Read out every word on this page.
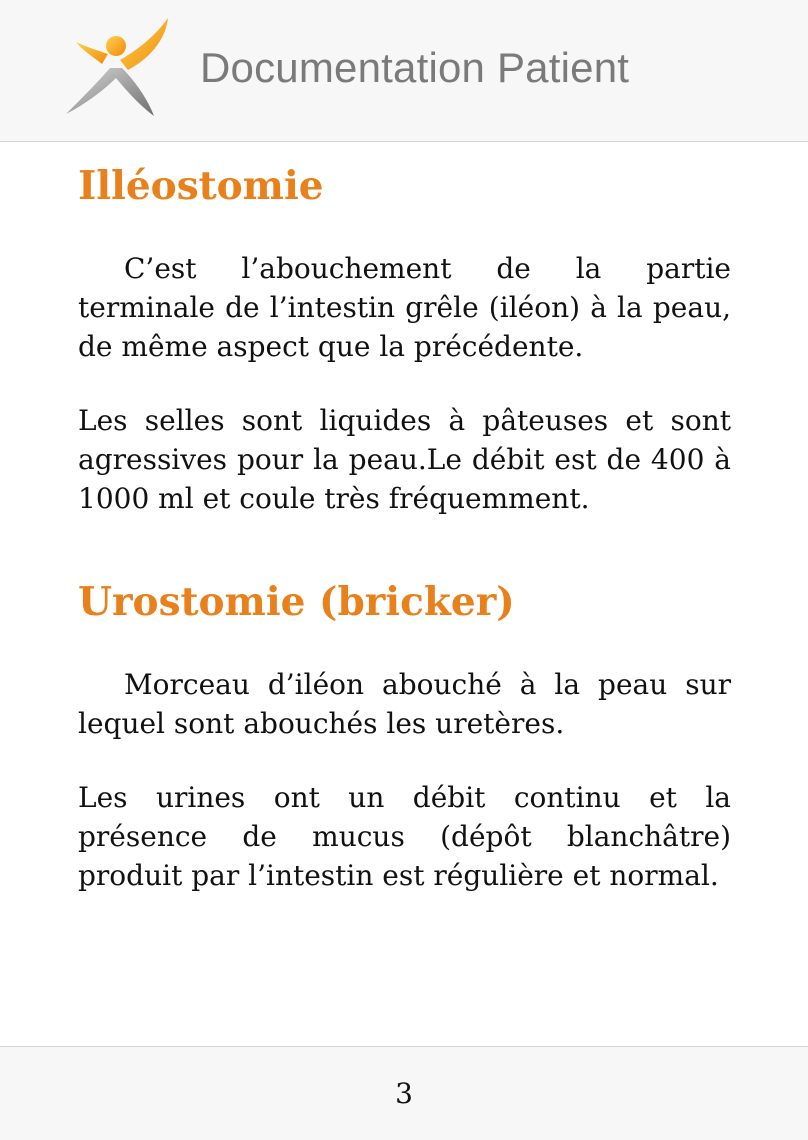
Documentation Patient
Illéostomie

C’est l’abouchement de la partie terminale de l’intestin grêle (iléon) à la peau, de même aspect que la précédente.

Les selles sont liquides à pâteuses et sont agressives pour la peau.Le débit est de 400 à 1000 ml et coule très fréquemment.

Urostomie (bricker)

Morceau d’iléon abouché à la peau sur lequel sont abouchés les uretères.

Les urines ont un débit continu et la présence de mucus (dépôt blanchâtre) produit par l’intestin est régulière et normal.

3
